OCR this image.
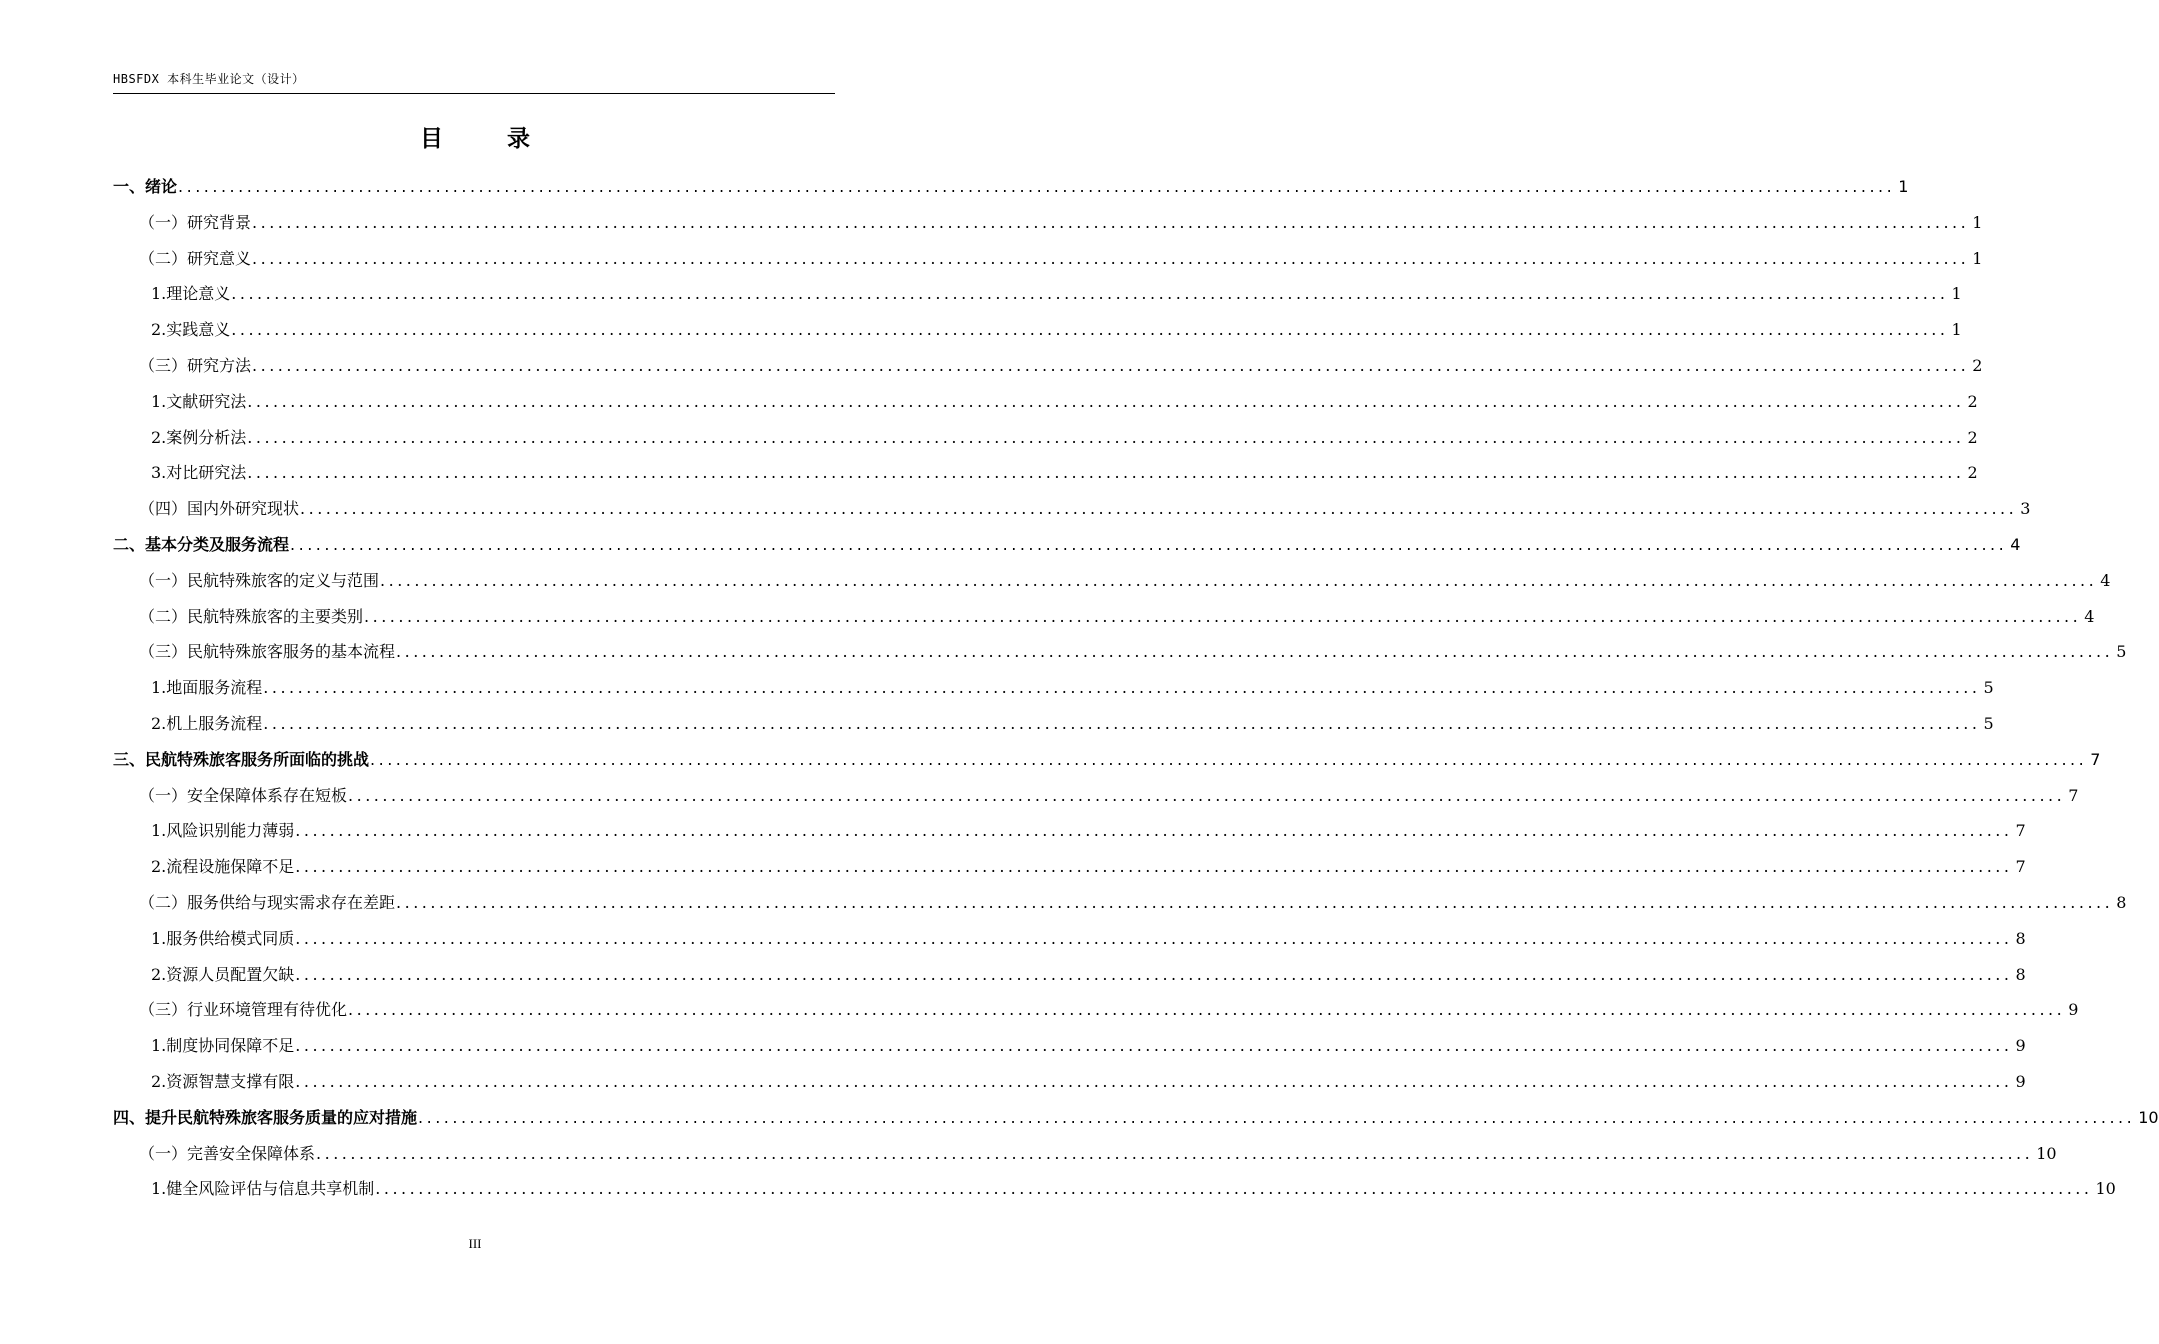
HBSFDX 本科生毕业论文（设计）
目 录
一、 绪论 ........................................................................................................................................................................................................ 1
（一） 研究背景 ........................................................................................................................................................................................................ 1
（二） 研究意义 ........................................................................................................................................................................................................ 1
1. 理论意义 ........................................................................................................................................................................................................ 1
2. 实践意义 ........................................................................................................................................................................................................ 1
（三） 研究方法 ........................................................................................................................................................................................................ 2
1. 文献研究法 ........................................................................................................................................................................................................ 2
2. 案例分析法 ........................................................................................................................................................................................................ 2
3. 对比研究法 ........................................................................................................................................................................................................ 2
（四） 国内外研究现状 ........................................................................................................................................................................................................ 3
二、 基本分类及服务流程 ........................................................................................................................................................................................................ 4
（一） 民航特殊旅客的定义与范围 ........................................................................................................................................................................................................ 4
（二） 民航特殊旅客的主要类别 ........................................................................................................................................................................................................ 4
（三） 民航特殊旅客服务的基本流程 ........................................................................................................................................................................................................ 5
1. 地面服务流程 ........................................................................................................................................................................................................ 5
2. 机上服务流程 ........................................................................................................................................................................................................ 5
三、 民航特殊旅客服务所面临的挑战 ........................................................................................................................................................................................................ 7
（一） 安全保障体系存在短板 ........................................................................................................................................................................................................ 7
1. 风险识别能力薄弱 ........................................................................................................................................................................................................ 7
2. 流程设施保障不足 ........................................................................................................................................................................................................ 7
（二） 服务供给与现实需求存在差距 ........................................................................................................................................................................................................ 8
1. 服务供给模式同质 ........................................................................................................................................................................................................ 8
2. 资源人员配置欠缺 ........................................................................................................................................................................................................ 8
（三） 行业环境管理有待优化 ........................................................................................................................................................................................................ 9
1. 制度协同保障不足 ........................................................................................................................................................................................................ 9
2. 资源智慧支撑有限 ........................................................................................................................................................................................................ 9
四、 提升民航特殊旅客服务质量的应对措施 ........................................................................................................................................................................................................ 10
（一） 完善安全保障体系 ........................................................................................................................................................................................................ 10
1. 健全风险评估与信息共享机制 ........................................................................................................................................................................................................ 10
III
